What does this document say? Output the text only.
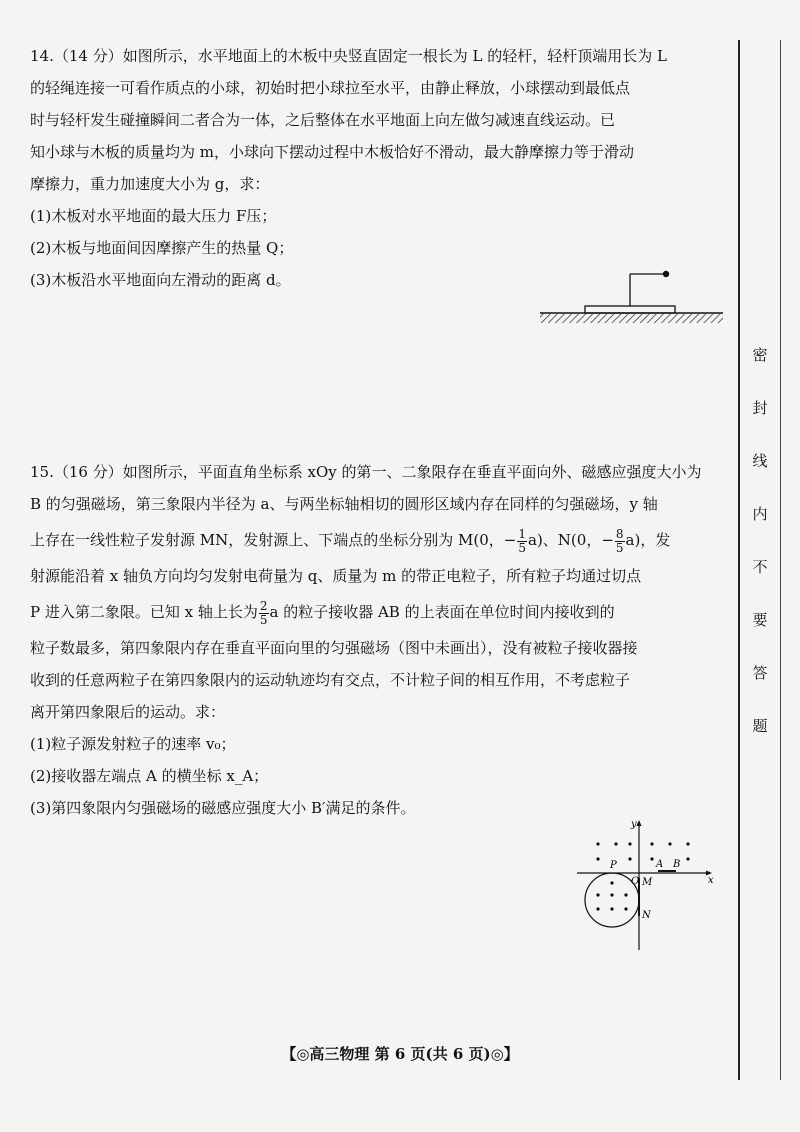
14.（14 分）如图所示，水平地面上的木板中央竖直固定一根长为 L 的轻杆，轻杆顶端用长为 L
的轻绳连接一可看作质点的小球，初始时把小球拉至水平，由静止释放，小球摆动到最低点
时与轻杆发生碰撞瞬间二者合为一体，之后整体在水平地面上向左做匀减速直线运动。已
知小球与木板的质量均为 m，小球向下摆动过程中木板恰好不滑动，最大静摩擦力等于滑动
摩擦力，重力加速度大小为 g，求：
(1)木板对水平地面的最大压力 F压；
(2)木板与地面间因摩擦产生的热量 Q；
(3)木板沿水平地面向左滑动的距离 d。
15.（16 分）如图所示，平面直角坐标系 xOy 的第一、二象限存在垂直平面向外、磁感应强度大小为
B 的匀强磁场，第三象限内半径为 a、与两坐标轴相切的圆形区域内存在同样的匀强磁场，y 轴
上存在一线性粒子发射源 MN，发射源上、下端点的坐标分别为 M(0，− $\frac{1}{5} a$)、N(0，− $\frac{8}{5} a$)，发
射源能沿着 x 轴负方向均匀发射电荷量为 q、质量为 m 的带正电粒子，所有粒子均通过切点
P 进入第二象限。已知 x 轴上长为 $\frac{2}{5}$ a 的粒子接收器 AB 的上表面在单位时间内接收到的
粒子数最多，第四象限内存在垂直平面向里的匀强磁场（图中未画出），没有被粒子接收器接
收到的任意两粒子在第四象限内的运动轨迹均有交点，不计粒子间的相互作用，不考虑粒子
离开第四象限后的运动。求：
(1)粒子源发射粒子的速率 v₀；
(2)接收器左端点 A 的横坐标 x_A；
(3)第四象限内匀强磁场的磁感应强度大小 B′满足的条件。
y
x
P
O M
N
A B
密
封
线
内
不
要
答
题
【◎高三物理 第 6 页(共 6 页)◎】
